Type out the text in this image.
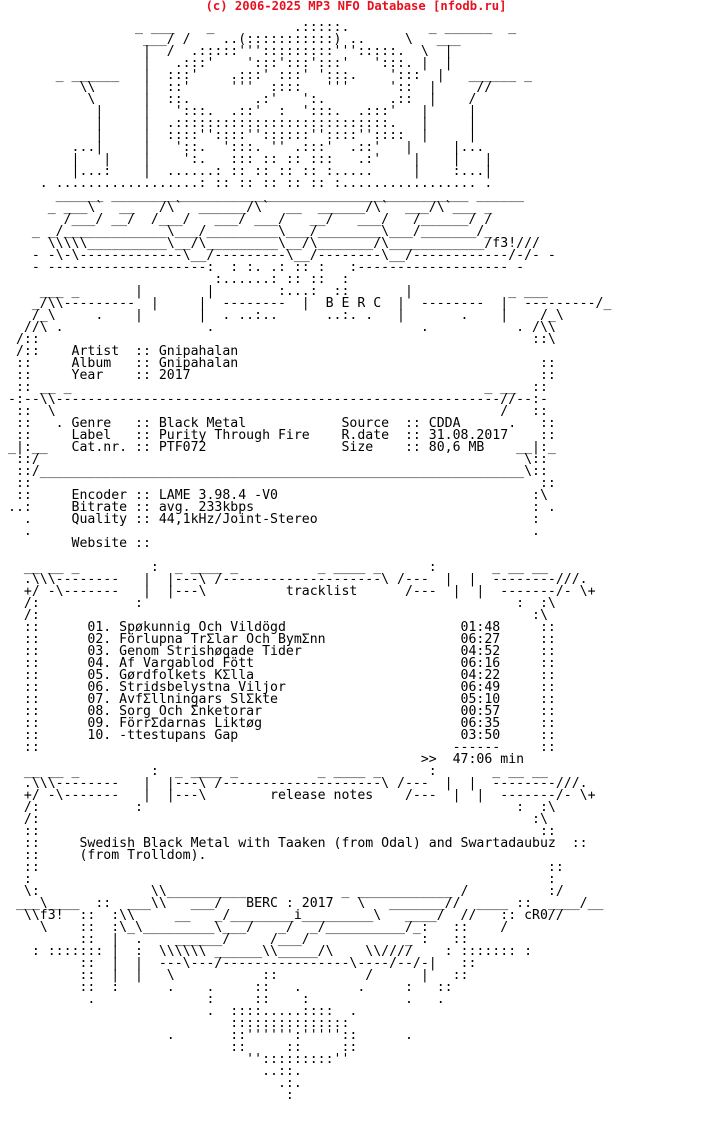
(c) 2006-2025 MP3 NFO Database [nfodb.ru]
_ ___    _          .:::::.          _ ______  _
___/ /    ..(:::::::::::) ..     \   ___
|  /  .:::::''':::::::::''':::::.  \  |
|   .:::'    ':::':::':::'   ':::. |  |
_ ______   |  :::'    .:::' :::' ':::.    ':::  |   ______ _
\\      |  ::'     '''  ::::   '''     '::  |     //
\      |  ::.        .:'   ':.        .::  |    /
|     |   ':::.  .::'  :  ':::.  .:::'   |     |
|     |  .:::::::::::::::::::::::::::.   |     |
|     |  ::::''::::''::::::''::::''::::  |     |
...|     |   '::.  ':::. '' .:::'  .::'   |     |...
|   |    |    ':.   ::: :: :: :::   .:'    |    |   |
|...:    |  ......: :: :: :: :: :.....     |    :...|
. ..................: :: :: :: :: :: :................. .
______ _____________________________________________ ______
_ ___\`  __   /\`  ______/\`  __  ______/\`  ___/\`___ _
/___/ __/  /___/   ___/ ___/   __/   ___/   /______/ /
_ _/_____________\___/_________\___/________\___/_______/_
\\\\\__________\__/\_________\__/\_______/\____________/f3!///
- -\-\-------------\__/---------\__/--------\__/------------/-/- -
- --------------------:  : :. .: :: :   :------------------- -
:......: :: ::  :
___ _       |        |        :...:  ::       |            _ ___
_/\\---------  |     |  --------  |  B E R C  |  --------  |  ---------/_
/_\     .    |       |  . ..:..      ..:. .   |       .    |    /_\
//\ .                  .                          .           . /\\
/::                                                              ::\
/::    Artist  :: Gnipahalan
::     Album   :: Gnipahalan                                      ::
::     Year    :: 2017                                            ::
:: __ _                                                    _ __  ::
-:--\\--------------------------------------------------------//--:-
::  \                                                        /   ::
::   . Genre   :: Black Metal            Source  :: CDDA      .   ::
::     Label   :: Purity Through Fire    R.date  :: 31.08.2017    ::
_|:__   Cat.nr. :: PTF072                 Size    :: 80,6 MB    __|:_
::/                                                             \::
::/_____________________________________________________________\::
::                                                                ::
::     Encoder :: LAME 3.98.4 -V0                                :\
..:     Bitrate :: avg. 233kbps                                   : .
.     Quality :: 44,1kHz/Joint-Stereo                           :
.                                                               .
Website ::

__ __ _         :  _ ____ _          _ ____ _      :       _ __ __
.\\\--------   |  |---\ /--------------------\ /---  |  |  --------///.
+/ -\-------   |  |---\          tracklist      /---  |  |  -------/- \+
/:            :                                               :  :\
/:                                                              :\
::      01. Spøkunnig Och Vildögd                      01:48     ::
::      02. Förlupna TrΣlar Och BymΣnn                 06:27     ::
::      03. Genom Strishøgade Tider                    04:52     ::
::      04. Af Vargablod Fött                          06:16     ::
::      05. Gørdfolkets KΣlla                          04:22     ::
::      06. Stridsbelystna Viljor                      06:49     ::
::      07. AvfΣllningars SlΣkte                       05:10     ::
::      08. Sorg Och Σnketorar                         00:57     ::
::      09. FörrΣdarnas Liktøg                         06:35     ::
::      10. -ttestupans Gap                            03:50     ::
::                                                    ------     ::
>>  47:06 min
__ __ _         :  _ ____ _          _ ____ _      :       _ __ __
.\\\--------   |  |---\ /--------------------\ /---  |  |  --------///.
+/ -\-------   |  |---\        release notes    /---  |  |  -------/- \+
/:            :                                               :  :\
/:                                                              :\
::                                                               ::
::     Swedish Black Metal with Taaken (from Odal) and Swartadaubuz  ::
::     (from Trolldom).
::                                                                ::
:                                                                 :
\:              \\__________ _          _ ____________ /          :/
___\____  ::  ___\\   ___/   BERC : 2017   \   _______//  ____ ::  ____/__
\\f3!  ::  :\\     __   _/________i_________\   ____/  //   :: cR0//
\    ::  :\_\_________\___/   _/  _/__________/_:   ::    /
::  |  .    ______/     /___/            _ :   ::
: ::::::: |  :  \\\\\\ ______\\_____/\    \\////    : ::::::: :
::  |  |  ---\---/----------------\----/--/-|   ::
::  |  |   \           ::           /      |   ::
::  :      .    .     ::   .       .     :   ::
.              :     ::    :            .   .
.  ::::.....::::  .
:::::::::::::::
.       ::'''''':'''''::      .
::     ::     ::
'':::::::::''
..::.
.:.
:
